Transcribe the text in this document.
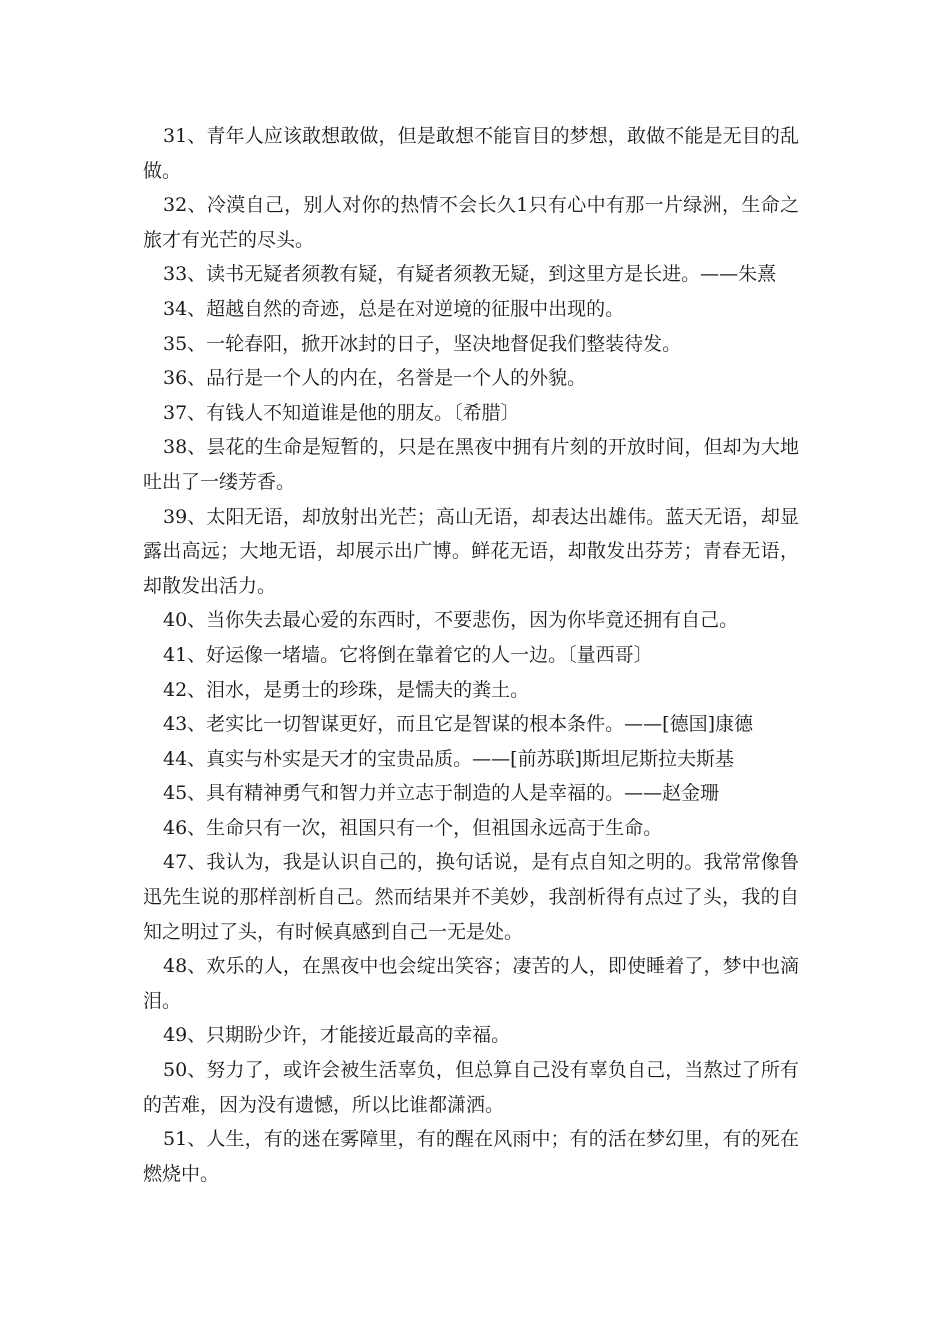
31、青年人应该敢想敢做，但是敢想不能盲目的梦想，敢做不能是无目的乱做。

32、冷漠自己，别人对你的热情不会长久1只有心中有那一片绿洲，生命之旅才有光芒的尽头。

33、读书无疑者须教有疑，有疑者须教无疑，到这里方是长进。——朱熹

34、超越自然的奇迹，总是在对逆境的征服中出现的。

35、一轮春阳，掀开冰封的日子，坚决地督促我们整装待发。

36、品行是一个人的内在，名誉是一个人的外貌。

37、有钱人不知道谁是他的朋友。〔希腊〕

38、昙花的生命是短暂的，只是在黑夜中拥有片刻的开放时间，但却为大地吐出了一缕芳香。

39、太阳无语，却放射出光芒；高山无语，却表达出雄伟。蓝天无语，却显露出高远；大地无语，却展示出广博。鲜花无语，却散发出芬芳；青春无语，却散发出活力。

40、当你失去最心爱的东西时，不要悲伤，因为你毕竟还拥有自己。

41、好运像一堵墙。它将倒在靠着它的人一边。〔量西哥〕

42、泪水，是勇士的珍珠，是懦夫的粪土。

43、老实比一切智谋更好，而且它是智谋的根本条件。——[德国]康德

44、真实与朴实是天才的宝贵品质。——[前苏联]斯坦尼斯拉夫斯基

45、具有精神勇气和智力并立志于制造的人是幸福的。——赵金珊

46、生命只有一次，祖国只有一个，但祖国永远高于生命。

47、我认为，我是认识自己的，换句话说，是有点自知之明的。我常常像鲁迅先生说的那样剖析自己。然而结果并不美妙，我剖析得有点过了头，我的自知之明过了头，有时候真感到自己一无是处。

48、欢乐的人，在黑夜中也会绽出笑容；凄苦的人，即使睡着了，梦中也滴泪。

49、只期盼少许，才能接近最高的幸福。

50、努力了，或许会被生活辜负，但总算自己没有辜负自己，当熬过了所有的苦难，因为没有遗憾，所以比谁都潇洒。

51、人生，有的迷在雾障里，有的醒在风雨中；有的活在梦幻里，有的死在燃烧中。
